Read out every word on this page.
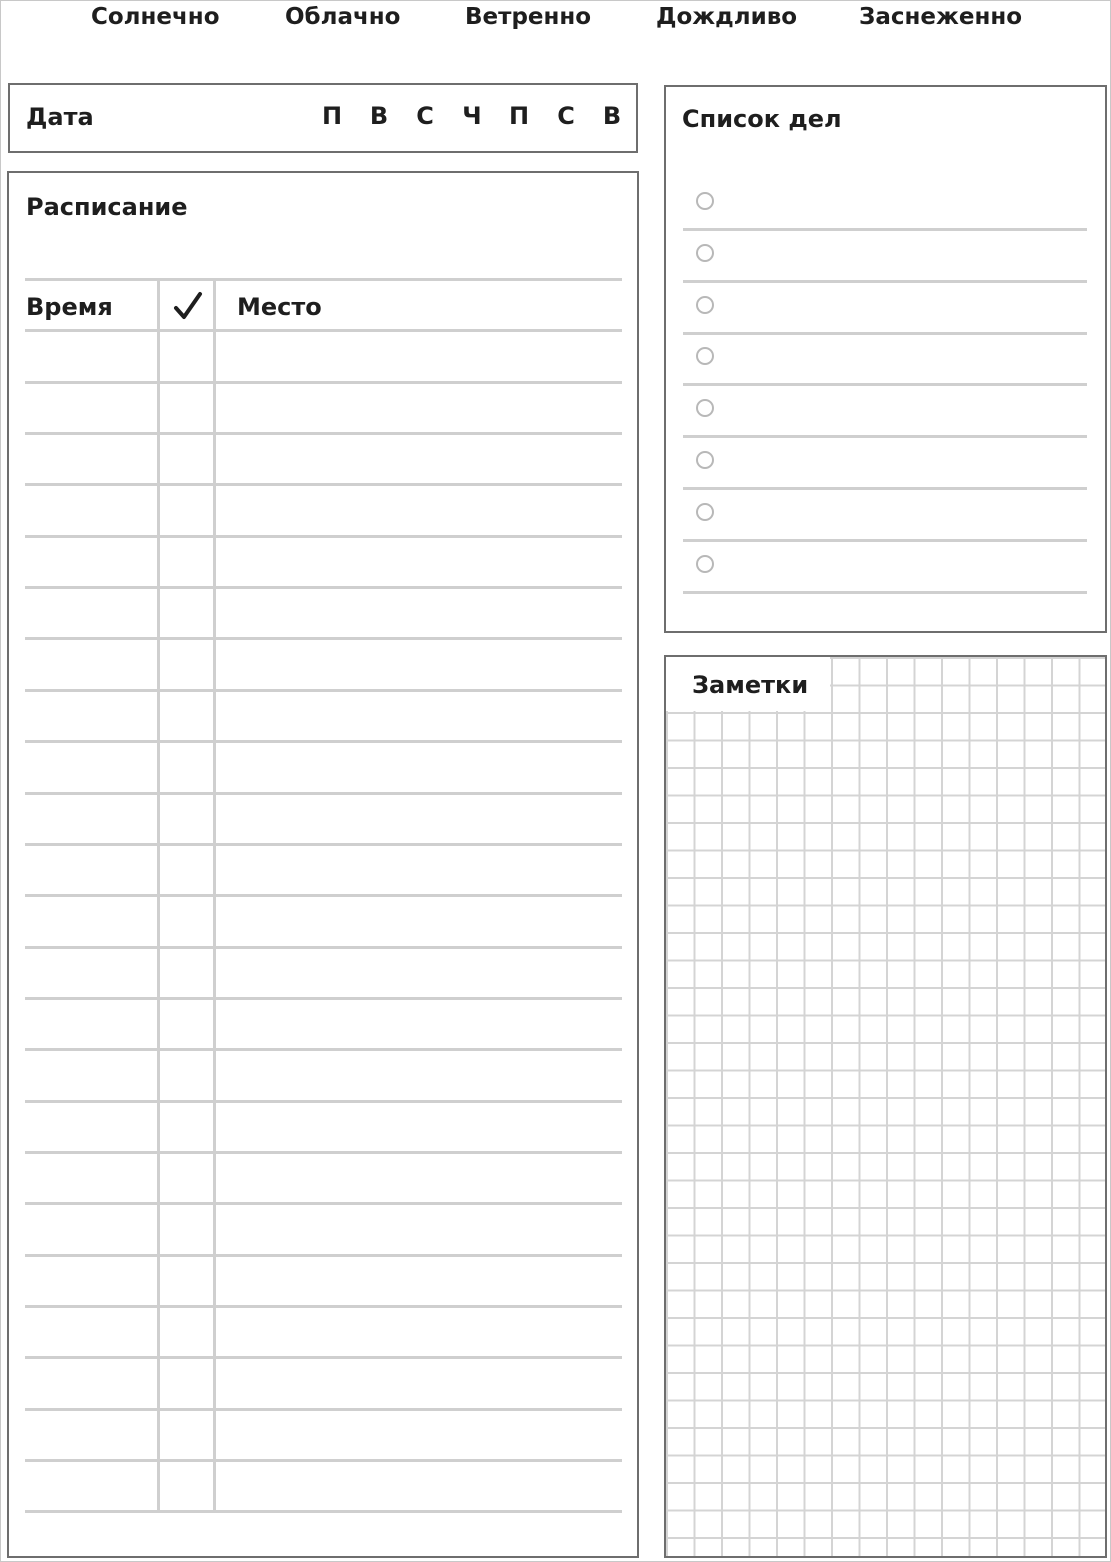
Солнечно	Облачно	Ветренно	Дождливо	Заснеженно
Дата	П В С Ч П С В
Расписание
Время	Место
Список дел
Заметки
